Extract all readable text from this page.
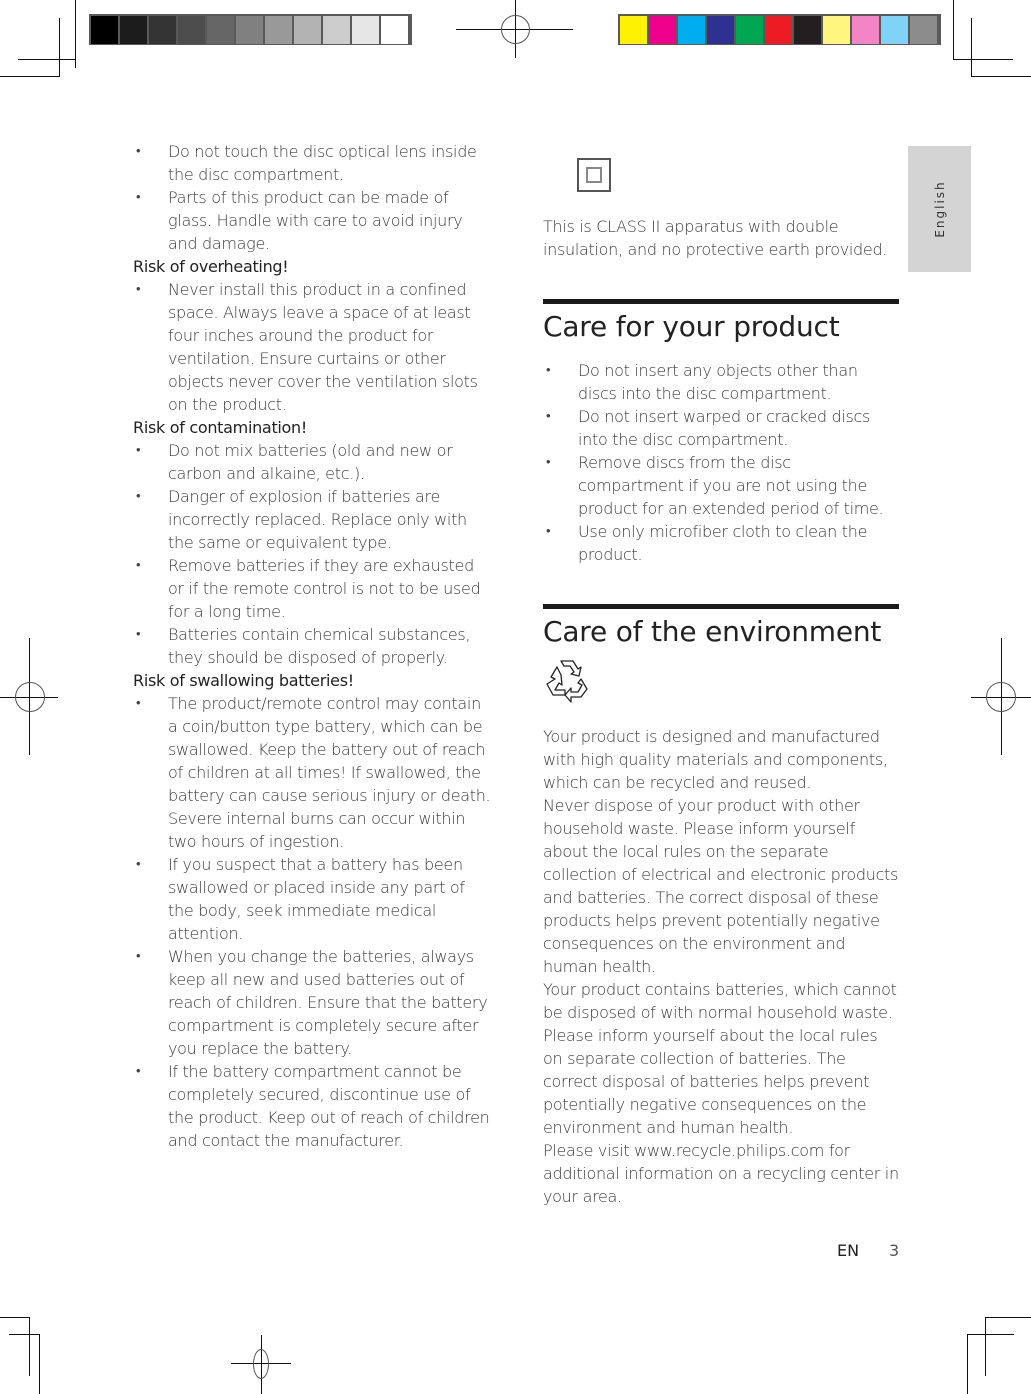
English
• Do not touch the disc optical lens inside the disc compartment.
• Parts of this product can be made of glass. Handle with care to avoid injury and damage.
Risk of overheating!
• Never install this product in a confined space. Always leave a space of at least four inches around the product for ventilation. Ensure curtains or other objects never cover the ventilation slots on the product.
Risk of contamination!
• Do not mix batteries (old and new or carbon and alkaine, etc.).
• Danger of explosion if batteries are incorrectly replaced. Replace only with the same or equivalent type.
• Remove batteries if they are exhausted or if the remote control is not to be used for a long time.
• Batteries contain chemical substances, they should be disposed of properly.
Risk of swallowing batteries!
• The product/remote control may contain a coin/button type battery, which can be swallowed. Keep the battery out of reach of children at all times! If swallowed, the battery can cause serious injury or death. Severe internal burns can occur within two hours of ingestion.
• If you suspect that a battery has been swallowed or placed inside any part of the body, seek immediate medical attention.
• When you change the batteries, always keep all new and used batteries out of reach of children. Ensure that the battery compartment is completely secure after you replace the battery.
• If the battery compartment cannot be completely secured, discontinue use of the product. Keep out of reach of children and contact the manufacturer.

This is CLASS II apparatus with double insulation, and no protective earth provided.

Care for your product
• Do not insert any objects other than discs into the disc compartment.
• Do not insert warped or cracked discs into the disc compartment.
• Remove discs from the disc compartment if you are not using the product for an extended period of time.
• Use only microfiber cloth to clean the product.
Care of the environment

Your product is designed and manufactured with high quality materials and components, which can be recycled and reused.

Never dispose of your product with other household waste. Please inform yourself about the local rules on the separate collection of electrical and electronic products and batteries. The correct disposal of these products helps prevent potentially negative consequences on the environment and human health.

Your product contains batteries, which cannot be disposed of with normal household waste. Please inform yourself about the local rules on separate collection of batteries. The correct disposal of batteries helps prevent potentially negative consequences on the environment and human health.

Please visit www.recycle.philips.com for additional information on a recycling center in your area.

EN 3
